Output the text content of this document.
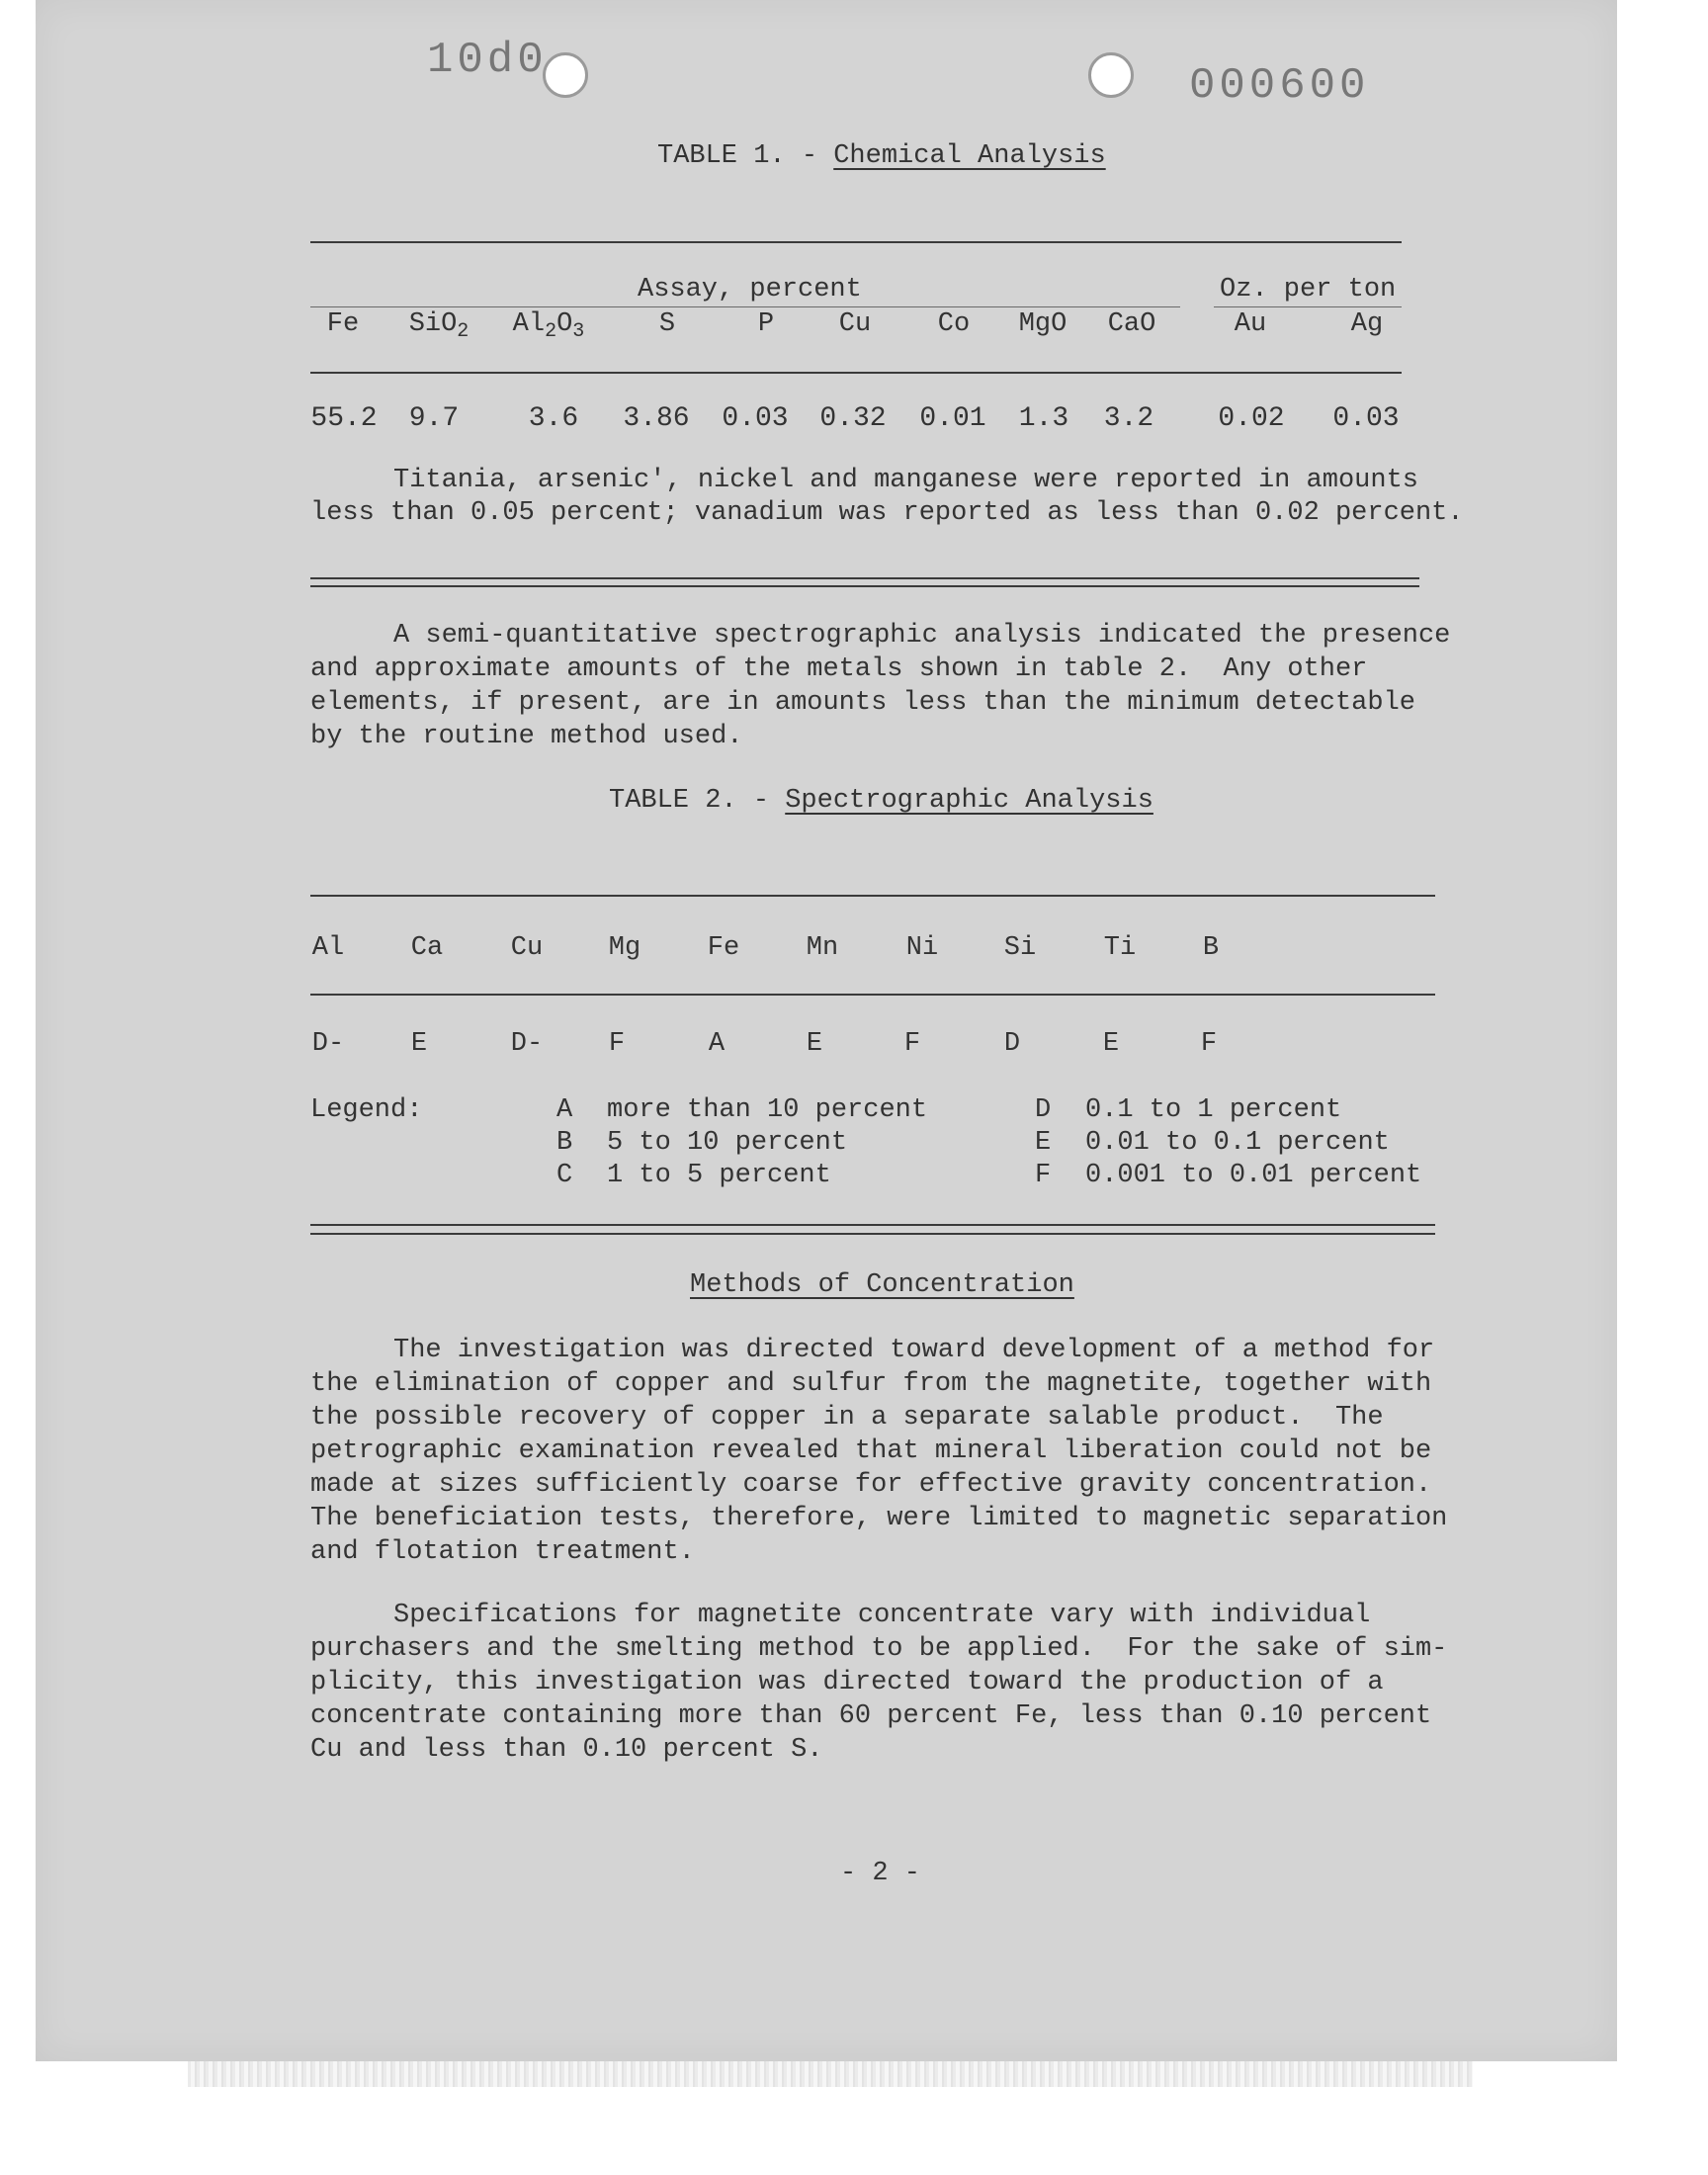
10d0
000600
TABLE 1. - Chemical Analysis
Assay, percent	Oz. per ton
Fe	SiO$_2$	$Al_2O_3$	S	P	Cu	Co	MgO	CaO	Au	Ag
55.2	9.7	3.6	3.86 0.03 0.32 0.01	1.3	3.2	0.02 0.03
Titania, arsenic', nickel and manganese were reported in amounts
less than 0.05 percent; vanadium was reported as less than 0.02 percent.
A semi-quantitative spectrographic analysis indicated the presence
and approximate amounts of the metals shown in table 2.  Any other
elements, if present, are in amounts less than the minimum detectable
by the routine method used.
TABLE 2. - Spectrographic Analysis
Al	Ca	Cu Mg	Fe	Mn	Ni Si	Ti	B
D-	E	D-	F	A	E	F	D	E	F
Legend:	A more than 10 percent
B 5 to 10 percent
C 1 to 5 percent
D 0.1 to 1 percent
E 0.01 to 0.1 percent
F 0.001 to 0.01 percent
Methods of Concentration
The investigation was directed toward development of a method for
the elimination of copper and sulfur from the magnetite, together with
the possible recovery of copper in a separate salable product.  The
petrographic examination revealed that mineral liberation could not be
made at sizes sufficiently coarse for effective gravity concentration.
The beneficiation tests, therefore, were limited to magnetic separation
and flotation treatment.
Specifications for magnetite concentrate vary with individual
purchasers and the smelting method to be applied.  For the sake of sim-
plicity, this investigation was directed toward the production of a
concentrate containing more than 60 percent Fe, less than 0.10 percent
Cu and less than 0.10 percent S.
- 2 -
